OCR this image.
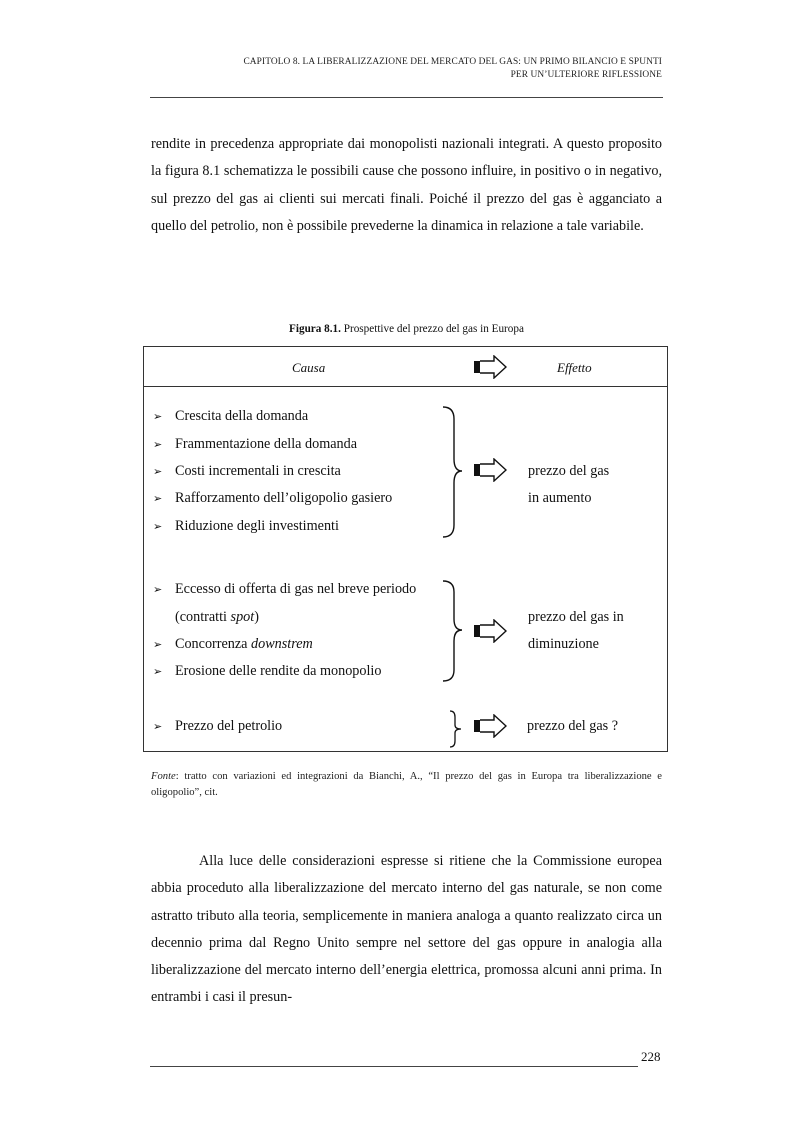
CAPITOLO 8. LA LIBERALIZZAZIONE DEL MERCATO DEL GAS: UN PRIMO BILANCIO E SPUNTI
PER UN’ULTERIORE RIFLESSIONE
rendite in precedenza appropriate dai monopolisti nazionali integrati. A questo proposito la figura 8.1 schematizza le possibili cause che possono influire, in positivo o in negativo, sul prezzo del gas ai clienti sui mercati finali. Poiché il prezzo del gas è agganciato a quello del petrolio, non è possibile prevederne la dinamica in relazione a tale variabile.
Figura 8.1. Prospettive del prezzo del gas in Europa
Causa	Effetto
➢ Crescita della domanda
➢ Frammentazione della domanda
➢ Costi incrementali in crescita
➢ Rafforzamento dell’oligopolio gasiero
➢ Riduzione degli investimenti
prezzo del gas
in aumento
➢ Eccesso di offerta di gas nel breve periodo
(contratti spot)
➢ Concorrenza downstrem
➢ Erosione delle rendite da monopolio
prezzo del gas in
diminuzione
➢ Prezzo del petrolio	prezzo del gas ?
Fonte: tratto con variazioni ed integrazioni da Bianchi, A., “Il prezzo del gas in Europa tra liberalizzazione e oligopolio”, cit.
Alla luce delle considerazioni espresse si ritiene che la Commissione europea abbia proceduto alla liberalizzazione del mercato interno del gas naturale, se non come astratto tributo alla teoria, semplicemente in maniera analoga a quanto realizzato circa un decennio prima dal Regno Unito sempre nel settore del gas oppure in analogia alla liberalizzazione del mercato interno dell’energia elettrica, promossa alcuni anni prima. In entrambi i casi il presun-
228
